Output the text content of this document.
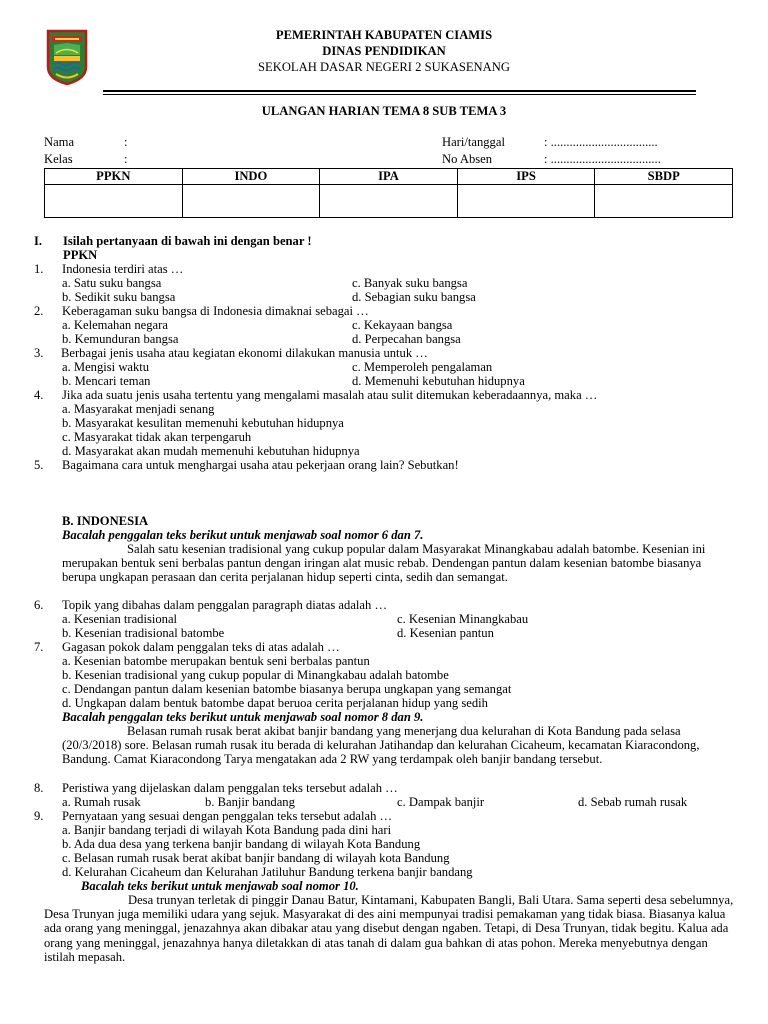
PEMERINTAH KABUPATEN CIAMIS
DINAS PENDIDIKAN
SEKOLAH DASAR NEGERI 2 SUKASENANG
ULANGAN HARIAN TEMA 8 SUB TEMA 3
Nama	:
Kelas	:
Hari/tanggal	: ..................................
No Absen	: ...................................
PPKN	INDO	IPA	IPS	SBDP

I. Isilah pertanyaan di bawah ini dengan benar !
PPKN
1. Indonesia terdiri atas …
a. Satu suku bangsa	c. Banyak suku bangsa
b. Sedikit suku bangsa	d. Sebagian suku bangsa
2. Keberagaman suku bangsa di Indonesia dimaknai sebagai …
a. Kelemahan negara	c. Kekayaan bangsa
b. Kemunduran bangsa	d. Perpecahan bangsa
3. Berbagai jenis usaha atau kegiatan ekonomi dilakukan manusia untuk …
a. Mengisi waktu	c. Memperoleh pengalaman
b. Mencari teman	d. Memenuhi kebutuhan hidupnya
4. Jika ada suatu jenis usaha tertentu yang mengalami masalah atau sulit ditemukan keberadaannya, maka …
a. Masyarakat menjadi senang
b. Masyarakat kesulitan memenuhi kebutuhan hidupnya
c. Masyarakat tidak akan terpengaruh
d. Masyarakat akan mudah memenuhi kebutuhan hidupnya
5. Bagaimana cara untuk menghargai usaha atau pekerjaan orang lain? Sebutkan!
B. INDONESIA
Bacalah penggalan teks berikut untuk menjawab soal nomor 6 dan 7.
Salah satu kesenian tradisional yang cukup popular dalam Masyarakat Minangkabau adalah batombe. Kesenian ini merupakan bentuk seni berbalas pantun dengan iringan alat music rebab. Dendengan pantun dalam kesenian batombe biasanya berupa ungkapan perasaan dan cerita perjalanan hidup seperti cinta, sedih dan semangat.
6. Topik yang dibahas dalam penggalan paragraph diatas adalah …
a. Kesenian tradisional	c. Kesenian Minangkabau
b. Kesenian tradisional batombe	d. Kesenian pantun
7. Gagasan pokok dalam penggalan teks di atas adalah …
a. Kesenian batombe merupakan bentuk seni berbalas pantun
b. Kesenian tradisional yang cukup popular di Minangkabau adalah batombe
c. Dendangan pantun dalam kesenian batombe biasanya berupa ungkapan yang semangat
d. Ungkapan dalam bentuk batombe dapat beruoa cerita perjalanan hidup yang sedih
Bacalah penggalan teks berikut untuk menjawab soal nomor 8 dan 9.
Belasan rumah rusak berat akibat banjir bandang yang menerjang dua kelurahan di Kota Bandung pada selasa (20/3/2018) sore. Belasan rumah rusak itu berada di kelurahan Jatihandap dan kelurahan Cicaheum, kecamatan Kiaracondong, Bandung. Camat Kiaracondong Tarya mengatakan ada 2 RW yang terdampak oleh banjir bandang tersebut.
8. Peristiwa yang dijelaskan dalam penggalan teks tersebut adalah …
a. Rumah rusak	b. Banjir bandang	c. Dampak banjir	d. Sebab rumah rusak
9. Pernyataan yang sesuai dengan penggalan teks tersebut adalah …
a. Banjir bandang terjadi di wilayah Kota Bandung pada dini hari
b. Ada dua desa yang terkena banjir bandang di wilayah Kota Bandung
c. Belasan rumah rusak berat akibat banjir bandang di wilayah kota Bandung
d. Kelurahan Cicaheum dan Kelurahan Jatiluhur Bandung terkena banjir bandang
Bacalah teks berikut untuk menjawab soal nomor 10.
Desa trunyan terletak di pinggir Danau Batur, Kintamani, Kabupaten Bangli, Bali Utara. Sama seperti desa sebelumnya, Desa Trunyan juga memiliki udara yang sejuk. Masyarakat di des aini mempunyai tradisi pemakaman yang tidak biasa. Biasanya kalua ada orang yang meninggal, jenazahnya akan dibakar atau yang disebut dengan ngaben. Tetapi, di Desa Trunyan, tidak begitu. Kalua ada orang yang meninggal, jenazahnya hanya diletakkan di atas tanah di dalam gua bahkan di atas pohon. Mereka menyebutnya dengan istilah mepasah.
